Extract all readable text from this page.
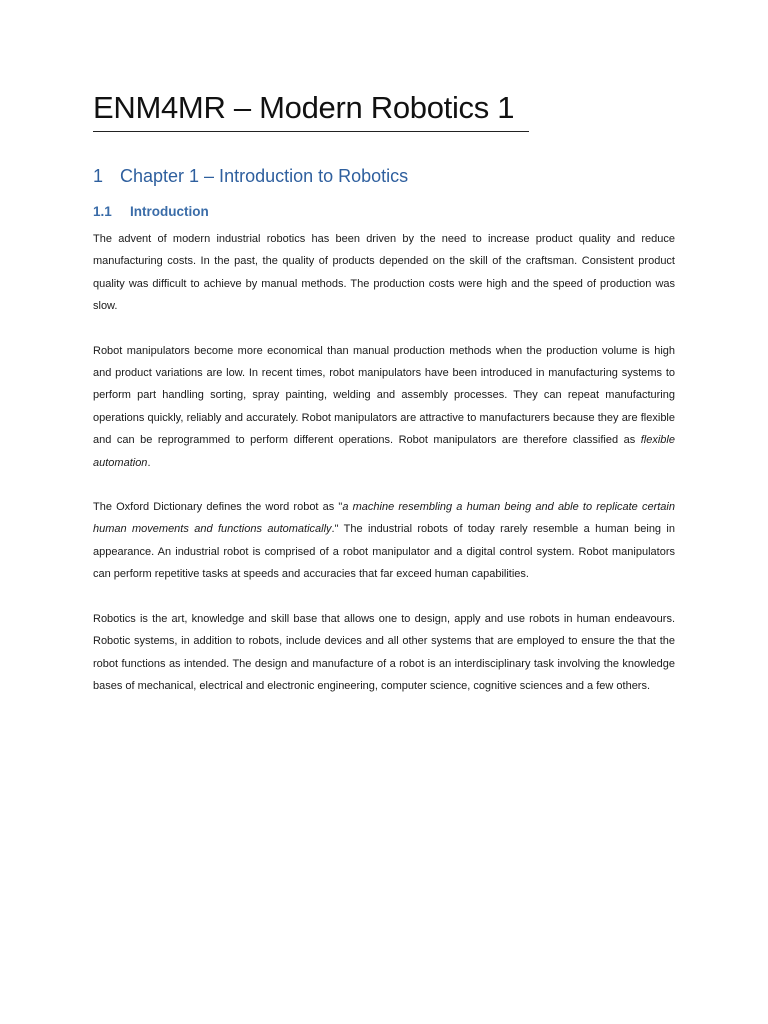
ENM4MR – Modern Robotics 1
1 Chapter 1 – Introduction to Robotics
1.1 Introduction

The advent of modern industrial robotics has been driven by the need to increase product quality and reduce manufacturing costs. In the past, the quality of products depended on the skill of the craftsman. Consistent product quality was difficult to achieve by manual methods. The production costs were high and the speed of production was slow.

Robot manipulators become more economical than manual production methods when the production volume is high and product variations are low. In recent times, robot manipulators have been introduced in manufacturing systems to perform part handling sorting, spray painting, welding and assembly processes. They can repeat manufacturing operations quickly, reliably and accurately. Robot manipulators are attractive to manufacturers because they are flexible and can be reprogrammed to perform different operations. Robot manipulators are therefore classified as flexible automation.

The Oxford Dictionary defines the word robot as "a machine resembling a human being and able to replicate certain human movements and functions automatically." The industrial robots of today rarely resemble a human being in appearance. An industrial robot is comprised of a robot manipulator and a digital control system. Robot manipulators can perform repetitive tasks at speeds and accuracies that far exceed human capabilities.

Robotics is the art, knowledge and skill base that allows one to design, apply and use robots in human endeavours. Robotic systems, in addition to robots, include devices and all other systems that are employed to ensure the that the robot functions as intended. The design and manufacture of a robot is an interdisciplinary task involving the knowledge bases of mechanical, electrical and electronic engineering, computer science, cognitive sciences and a few others.
